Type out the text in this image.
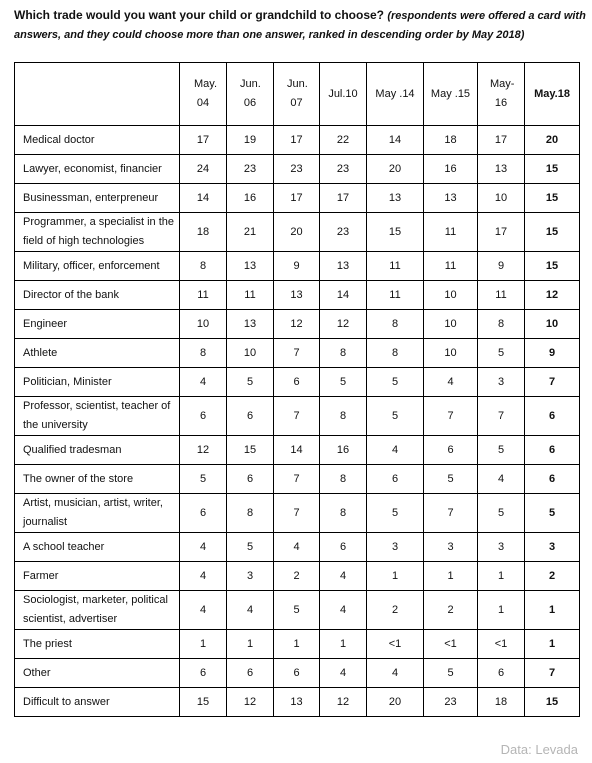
Which trade would you want your child or grandchild to choose? (respondents were offered a card with answers, and they could choose more than one answer, ranked in descending order by May 2018)
	May. 04	Jun. 06	Jun. 07	Jul.10	May .14	May .15	May- 16	May.18
Medical doctor	17	19	17	22	14	18	17	20
Lawyer, economist, financier	24	23	23	23	20	16	13	15
Businessman, enterpreneur	14	16	17	17	13	13	10	15
Programmer, a specialist in the field of high technologies	18	21	20	23	15	11	17	15
Military, officer, enforcement	8	13	9	13	11	11	9	15
Director of the bank	11	11	13	14	11	10	11	12
Engineer	10	13	12	12	8	10	8	10
Athlete	8	10	7	8	8	10	5	9
Politician, Minister	4	5	6	5	5	4	3	7
Professor, scientist, teacher of the university	6	6	7	8	5	7	7	6
Qualified tradesman	12	15	14	16	4	6	5	6
The owner of the store	5	6	7	8	6	5	4	6
Artist, musician, artist, writer, journalist	6	8	7	8	5	7	5	5
A school teacher	4	5	4	6	3	3	3	3
Farmer	4	3	2	4	1	1	1	2
Sociologist, marketer, political scientist, advertiser	4	4	5	4	2	2	1	1
The priest	1	1	1	1	<1	<1	<1	1
Other	6	6	6	4	4	5	6	7
Difficult to answer	15	12	13	12	20	23	18	15
Data: Levada
